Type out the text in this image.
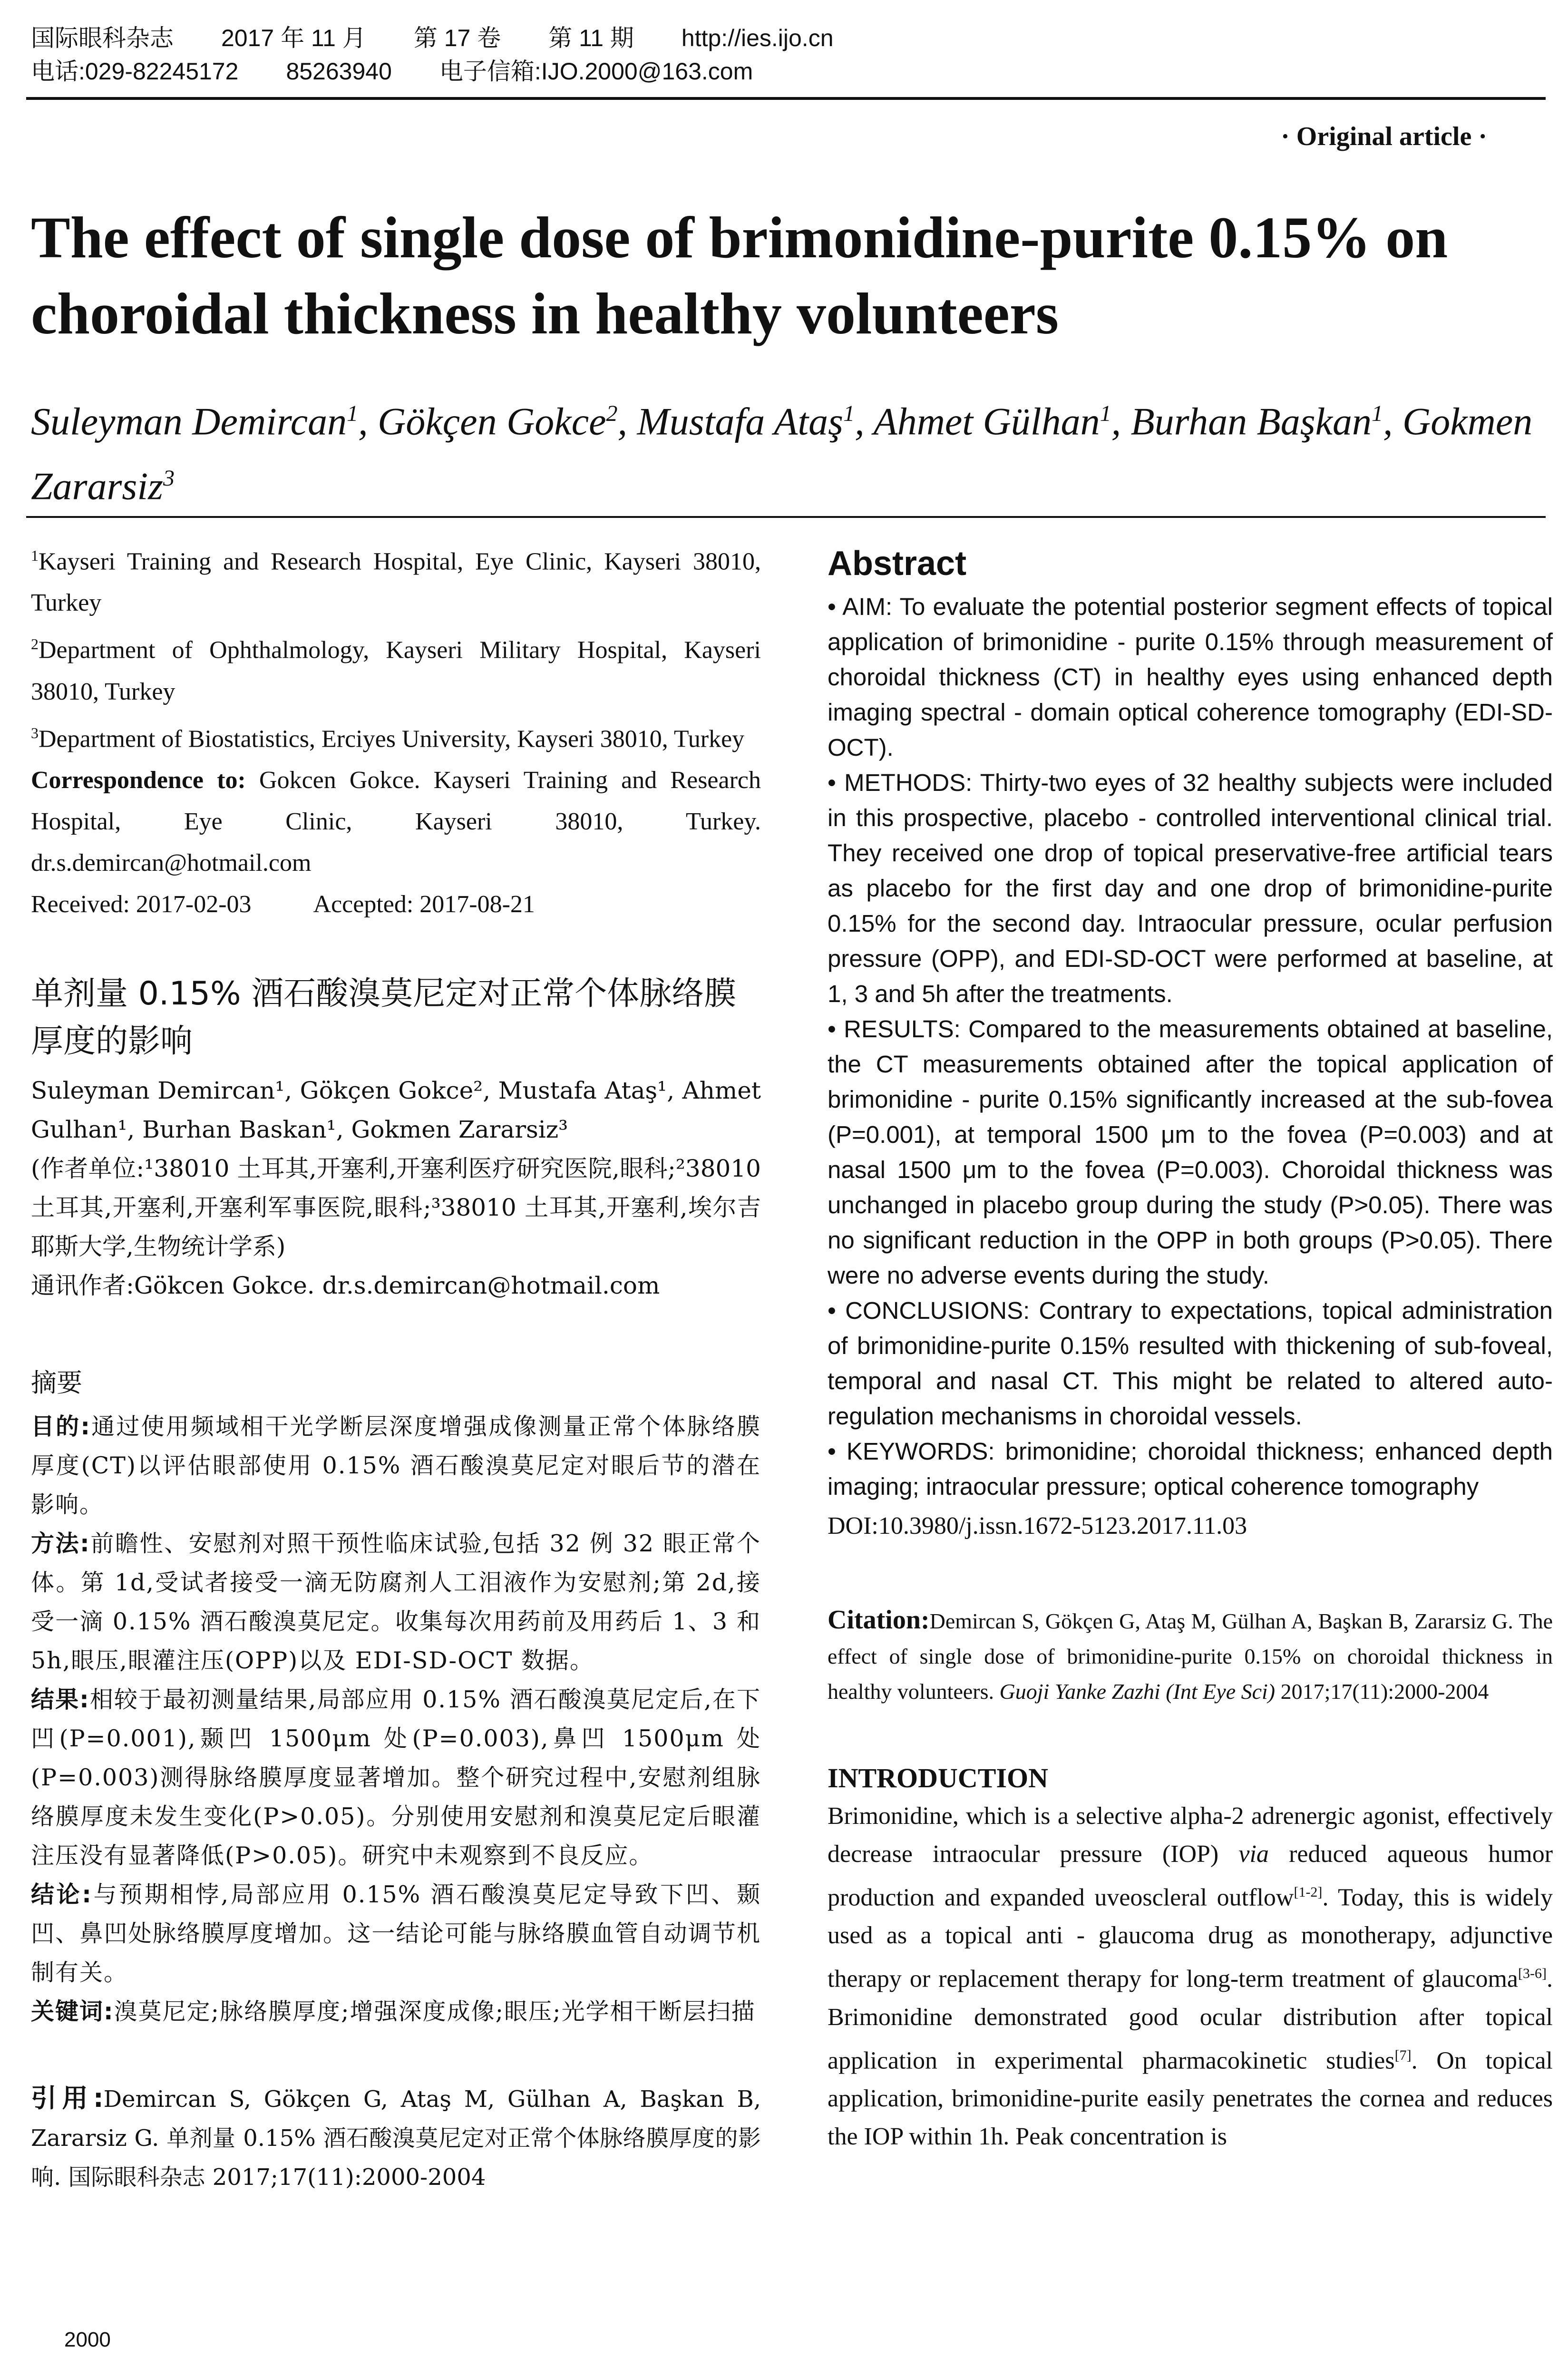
国际眼科杂志 2017 年 11 月 第 17 卷 第 11 期 http://ies.ijo.cn
电话:029-82245172 85263940 电子信箱:IJO.2000@163.com
· Original article ·
The effect of single dose of brimonidine-purite 0.15% on choroidal thickness in healthy volunteers
Suleyman Demircan$^1$, Gökçen Gokce$^2$, Mustafa Ataş$^1$, Ahmet Gülhan$^1$, Burhan Başkan$^1$, Gokmen Zararsiz$^3$

$^1$Kayseri Training and Research Hospital, Eye Clinic, Kayseri 38010, Turkey

$^2$Department of Ophthalmology, Kayseri Military Hospital, Kayseri 38010, Turkey

$^3$Department of Biostatistics, Erciyes University, Kayseri 38010, Turkey

Correspondence to: Gokcen Gokce. Kayseri Training and Research Hospital, Eye Clinic, Kayseri 38010, Turkey. dr.s.demircan@hotmail.com

Received: 2017-02-03	Accepted: 2017-08-21

单剂量 0.15% 酒石酸溴莫尼定对正常个体脉络膜厚度的影响

Suleyman Demircan¹, Gökçen Gokce², Mustafa Ataş¹, Ahmet Gulhan¹, Burhan Baskan¹, Gokmen Zararsiz³

(作者单位:¹38010 土耳其,开塞利,开塞利医疗研究医院,眼科;²38010 土耳其,开塞利,开塞利军事医院,眼科;³38010 土耳其,开塞利,埃尔吉耶斯大学,生物统计学系)

通讯作者:Gökcen Gokce. dr.s.demircan@hotmail.com

摘要

目的:通过使用频域相干光学断层深度增强成像测量正常个体脉络膜厚度(CT)以评估眼部使用 0.15% 酒石酸溴莫尼定对眼后节的潜在影响。

方法:前瞻性、安慰剂对照干预性临床试验,包括 32 例 32 眼正常个体。第 1d,受试者接受一滴无防腐剂人工泪液作为安慰剂;第 2d,接受一滴 0.15% 酒石酸溴莫尼定。收集每次用药前及用药后 1、3 和 5h,眼压,眼灌注压(OPP)以及 EDI-SD-OCT 数据。

结果:相较于最初测量结果,局部应用 0.15% 酒石酸溴莫尼定后,在下凹(P=0.001),颞凹 1500μm 处(P=0.003),鼻凹 1500μm 处(P=0.003)测得脉络膜厚度显著增加。整个研究过程中,安慰剂组脉络膜厚度未发生变化(P>0.05)。分别使用安慰剂和溴莫尼定后眼灌注压没有显著降低(P>0.05)。研究中未观察到不良反应。

结论:与预期相悖,局部应用 0.15% 酒石酸溴莫尼定导致下凹、颞凹、鼻凹处脉络膜厚度增加。这一结论可能与脉络膜血管自动调节机制有关。

关键词:溴莫尼定;脉络膜厚度;增强深度成像;眼压;光学相干断层扫描

引用:Demircan S, Gökçen G, Ataş M, Gülhan A, Başkan B, Zararsiz G. 单剂量 0.15% 酒石酸溴莫尼定对正常个体脉络膜厚度的影响. 国际眼科杂志 2017;17(11):2000-2004

Abstract

• AIM: To evaluate the potential posterior segment effects of topical application of brimonidine - purite 0.15% through measurement of choroidal thickness (CT) in healthy eyes using enhanced depth imaging spectral - domain optical coherence tomography (EDI-SD-OCT).

• METHODS: Thirty-two eyes of 32 healthy subjects were included in this prospective, placebo - controlled interventional clinical trial. They received one drop of topical preservative-free artificial tears as placebo for the first day and one drop of brimonidine-purite 0.15% for the second day. Intraocular pressure, ocular perfusion pressure (OPP), and EDI-SD-OCT were performed at baseline, at 1, 3 and 5h after the treatments.

• RESULTS: Compared to the measurements obtained at baseline, the CT measurements obtained after the topical application of brimonidine - purite 0.15% significantly increased at the sub-fovea (P=0.001), at temporal 1500 μm to the fovea (P=0.003) and at nasal 1500 μm to the fovea (P=0.003). Choroidal thickness was unchanged in placebo group during the study (P>0.05). There was no significant reduction in the OPP in both groups (P>0.05). There were no adverse events during the study.

• CONCLUSIONS: Contrary to expectations, topical administration of brimonidine-purite 0.15% resulted with thickening of sub-foveal, temporal and nasal CT. This might be related to altered auto-regulation mechanisms in choroidal vessels.

• KEYWORDS: brimonidine; choroidal thickness; enhanced depth imaging; intraocular pressure; optical coherence tomography

DOI:10.3980/j.issn.1672-5123.2017.11.03

Citation:Demircan S, Gökçen G, Ataş M, Gülhan A, Başkan B, Zararsiz G. The effect of single dose of brimonidine-purite 0.15% on choroidal thickness in healthy volunteers. Guoji Yanke Zazhi (Int Eye Sci) 2017;17(11):2000-2004
INTRODUCTION

Brimonidine, which is a selective alpha-2 adrenergic agonist, effectively decrease intraocular pressure (IOP) via reduced aqueous humor production and expanded uveoscleral outflow[1-2]. Today, this is widely used as a topical anti - glaucoma drug as monotherapy, adjunctive therapy or replacement therapy for long-term treatment of glaucoma[3-6]. Brimonidine demonstrated good ocular distribution after topical application in experimental pharmacokinetic studies[7]. On topical application, brimonidine-purite easily penetrates the cornea and reduces the IOP within 1h. Peak concentration is

2000
